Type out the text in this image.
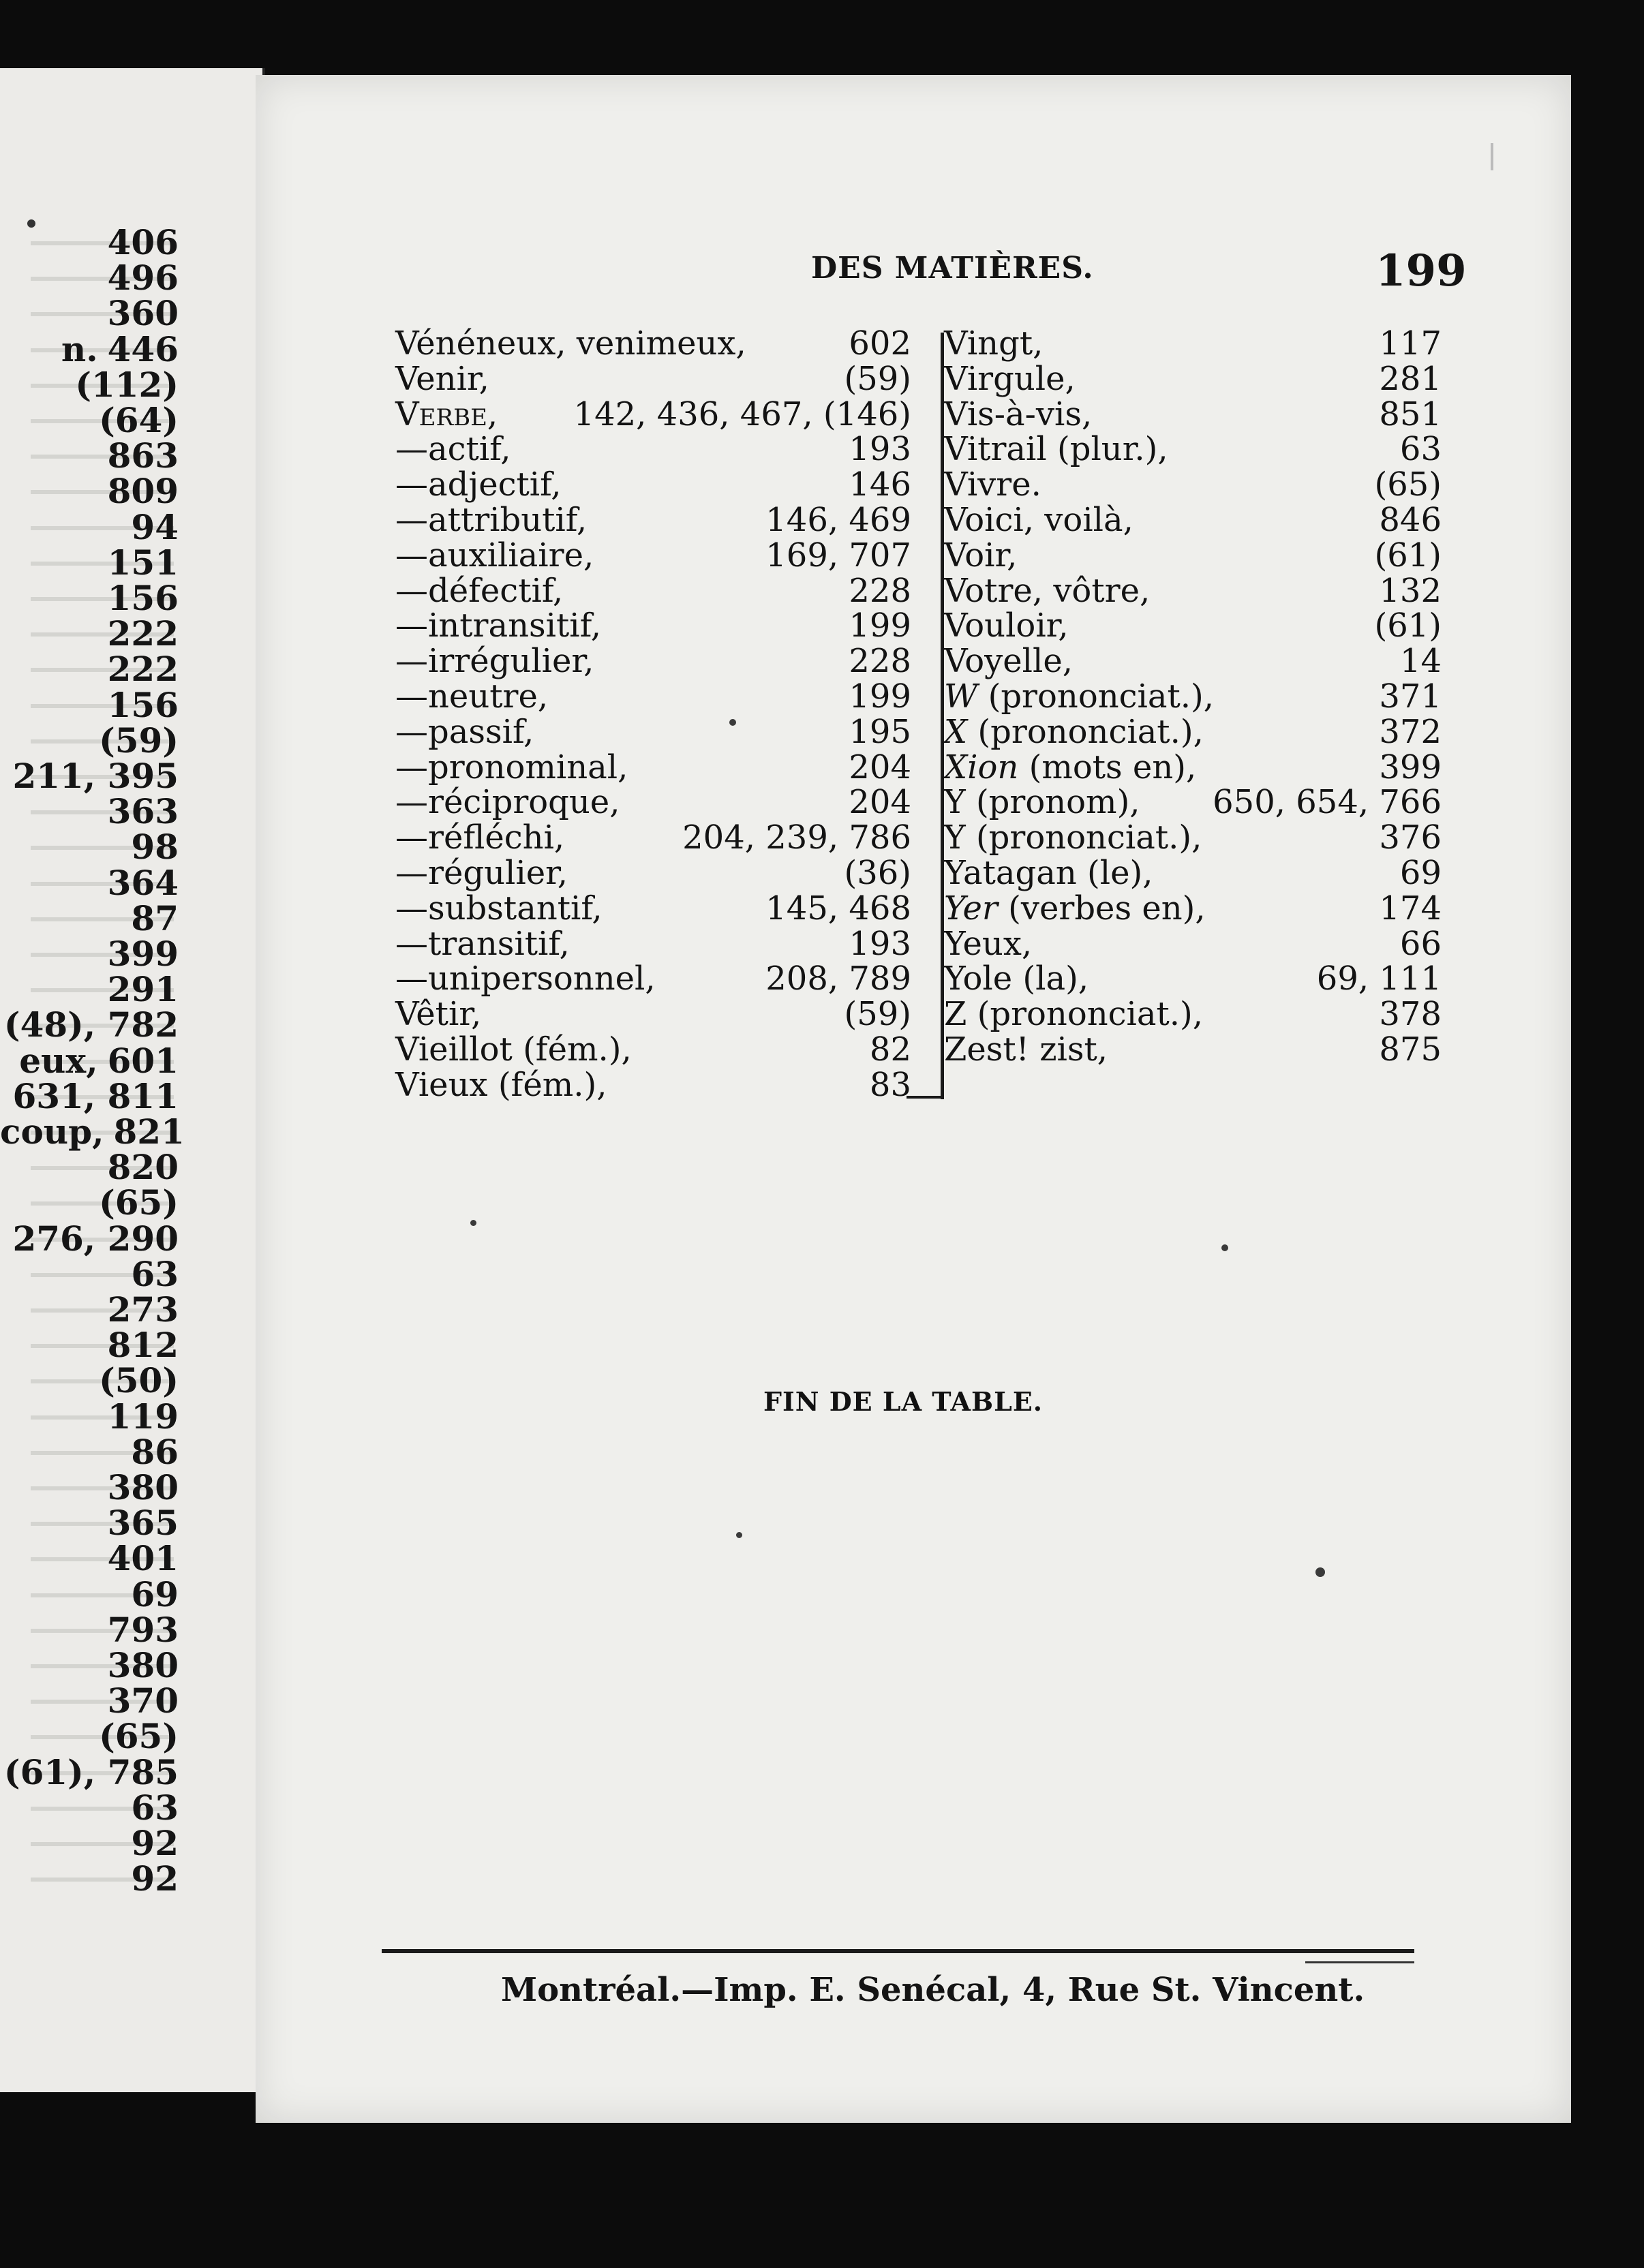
406
496
360
n. 446
(112)
(64)
863
809
94
151
156
222
222
156
(59)
211, 395
363
98
364
87
399
291
(48), 782
eux, 601
631, 811
coup, 821
820
(65)
276, 290
63
273
812
(50)
119
86
380
365
401
69
793
380
370
(65)
(61), 785
63
92
92
DES MATIÈRES.	199
Vénéneux, venimeux,	602
Venir,	(59)
Verbe, 142, 436, 467, (146)
—actif,	193
—adjectif,	146
—attributif,	146, 469
—auxiliaire,	169, 707
—défectif,	228
—intransitif,	199
—irrégulier,	228
—neutre,	199
—passif,	195
—pronominal,	204
—réciproque,	204
—réfléchi,	204, 239, 786
—régulier,	(36)
—substantif,	145, 468
—transitif,	193
—unipersonnel,	208, 789
Vêtir,	(59)
Vieillot (fém.),	82
Vieux (fém.),	83
Vingt,	117
Virgule,	281
Vis-à-vis,	851
Vitrail (plur.),	63
Vivre.	(65)
Voici, voilà,	846
Voir,	(61)
Votre, vôtre,	132
Vouloir,	(61)
Voyelle,	14
W (prononciat.),	371
X (prononciat.),	372
Xion (mots en),	399
Y (pronom), 650, 654, 766
Y (prononciat.),	376
Yatagan (le),	69
Yer (verbes en),	174
Yeux,	66
Yole (la),	69, 111
Z (prononciat.),	378
Zest! zist,	875
FIN DE LA TABLE.
Montréal.—Imp. E. Senécal, 4, Rue St. Vincent.
